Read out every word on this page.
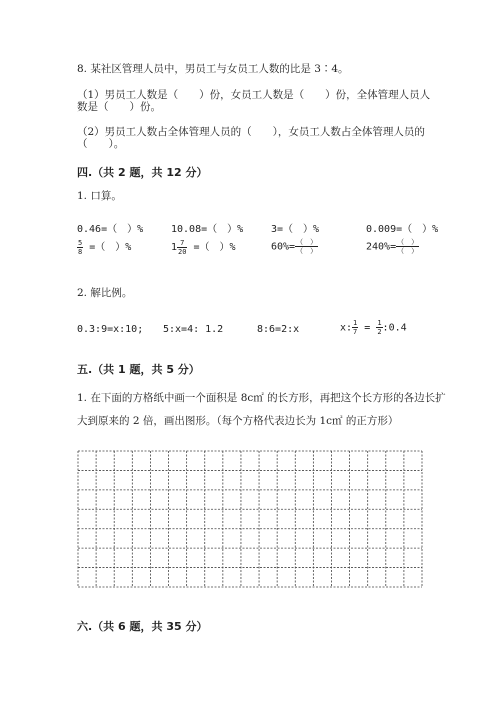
8. 某社区管理人员中，男员工与女员工人数的比是 3∶4。
（1）男员工人数是（　　）份，女员工人数是（　　）份，全体管理人员人
数是（　　）份。
（2）男员工人数占全体管理人员的（　　），女员工人数占全体管理人员的
（　　）。
四.（共 2 题，共 12 分）
1. 口算。
0.46=（　）%	10.08=（　）%	3=（　）%	0.009=（　）%
$\frac{5}{8}$ =（　）%	$1 \frac{7}{20}$ =（　）%	$60\%= \frac{( )}{( )}$	$240\%= \frac{( )}{( )}$
2. 解比例。
0.3:9=x:10; 5:x=4: 1.2	8:6=2:x	x: $\frac{1}{7} = \frac{1}{2}$ :0.4
五.（共 1 题，共 5 分）
1. 在下面的方格纸中画一个面积是 8c㎡ 的长方形，再把这个长方形的各边长扩
大到原来的 2 倍，画出图形。（每个方格代表边长为 1c㎡ 的正方形）
六.（共 6 题，共 35 分）
